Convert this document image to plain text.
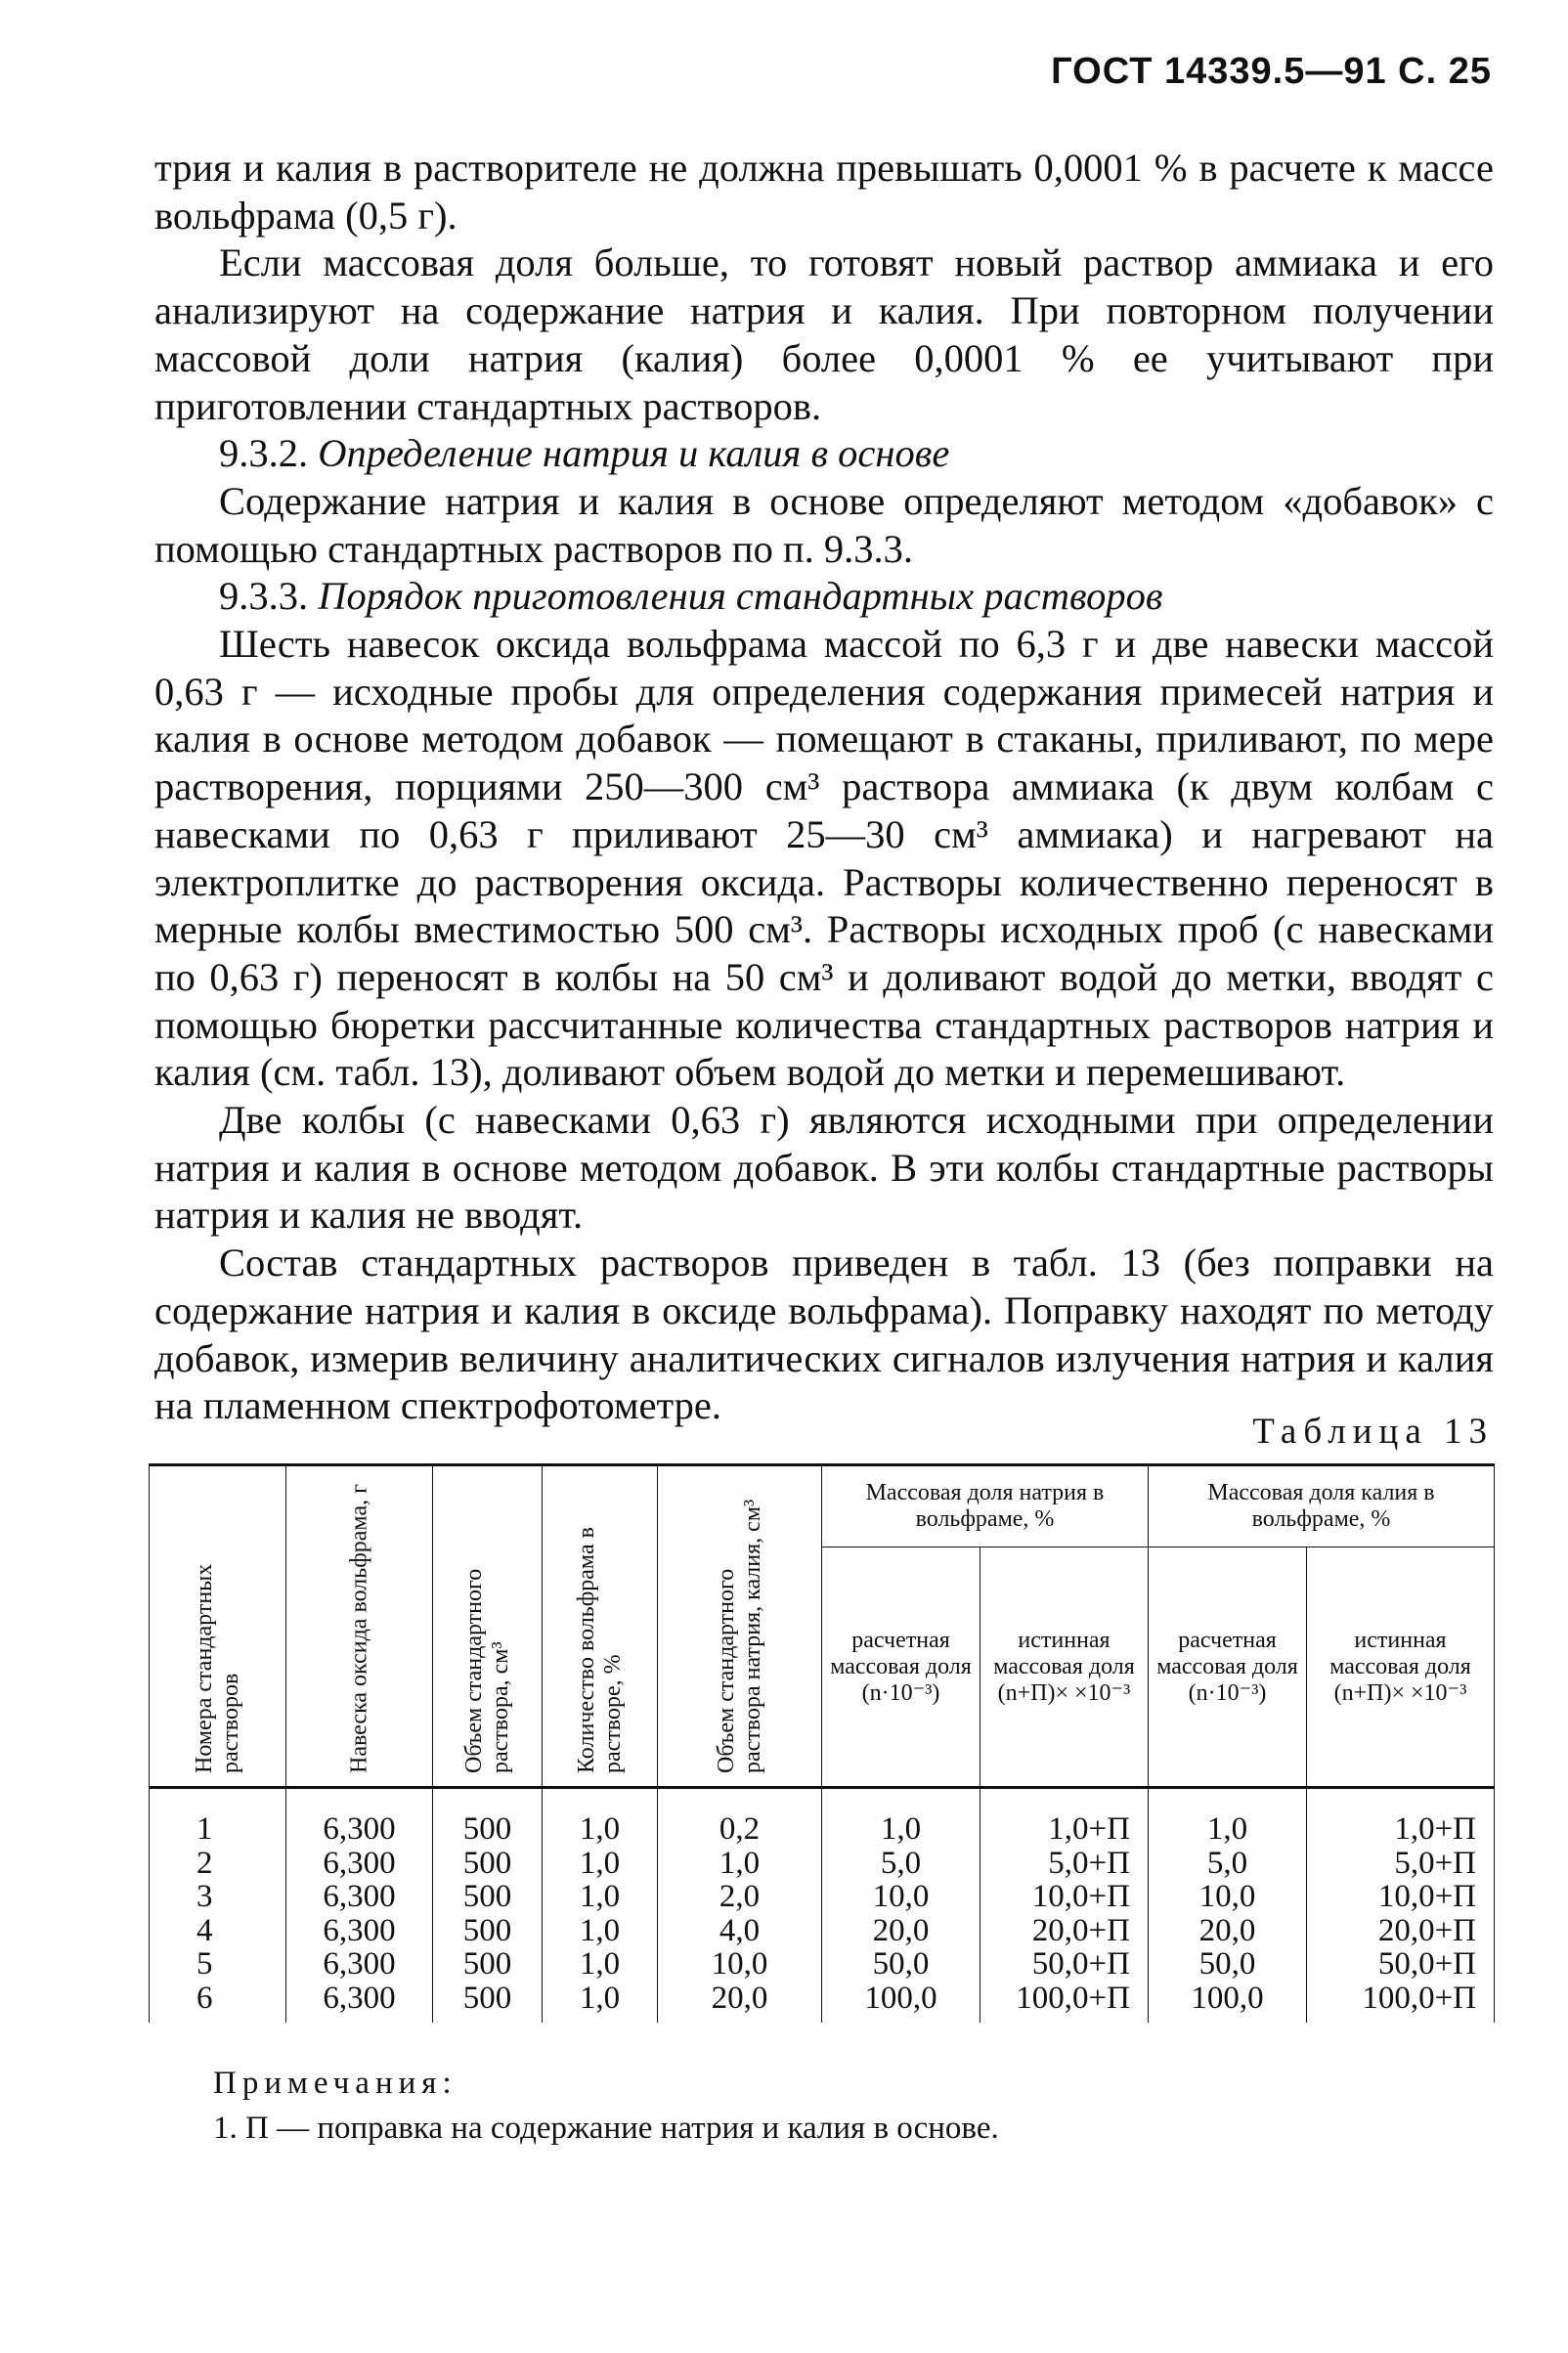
ГОСТ 14339.5—91 С. 25

трия и калия в растворителе не должна превышать 0,0001 % в расчете к массе вольфрама (0,5 г).

Если массовая доля больше, то готовят новый раствор аммиака и его анализируют на содержание натрия и калия. При повторном получении массовой доли натрия (калия) более 0,0001 % ее учитывают при приготовлении стандартных растворов.

9.3.2. Определение натрия и калия в основе

Содержание натрия и калия в основе определяют методом «добавок» с помощью стандартных растворов по п. 9.3.3.

9.3.3. Порядок приготовления стандартных растворов

Шесть навесок оксида вольфрама массой по 6,3 г и две навески массой 0,63 г — исходные пробы для определения содержания примесей натрия и калия в основе методом добавок — помещают в стаканы, приливают, по мере растворения, порциями 250—300 см³ раствора аммиака (к двум колбам с навесками по 0,63 г приливают 25—30 см³ аммиака) и нагревают на электроплитке до растворения оксида. Растворы количественно переносят в мерные колбы вместимостью 500 см³. Растворы исходных проб (с навесками по 0,63 г) переносят в колбы на 50 см³ и доливают водой до метки, вводят с помощью бюретки рассчитанные количества стандартных растворов натрия и калия (см. табл. 13), доливают объем водой до метки и перемешивают.

Две колбы (с навесками 0,63 г) являются исходными при определении натрия и калия в основе методом добавок. В эти колбы стандартные растворы натрия и калия не вводят.

Состав стандартных растворов приведен в табл. 13 (без поправки на содержание натрия и калия в оксиде вольфрама). Поправку находят по методу добавок, измерив величину аналитических сигналов излучения натрия и калия на пламенном спектрофотометре.

Таблица 13
Номера стандартных растворов	Навеска оксида вольфрама, г	Объем стандартного раствора, см³	Количество вольфрама в растворе, %	Объем стандартного раствора натрия, калия, см³	Массовая доля натрия в вольфраме, %		Массовая доля калия в вольфраме, %	
					расчетная массовая доля (n·10⁻³)	истинная массовая доля (n+П)× ×10⁻³	расчетная массовая доля (n·10⁻³)	истинная массовая доля (n+П)× ×10⁻³
1	6,300	500	1,0	0,2	1,0	1,0+П	1,0	1,0+П
2	6,300	500	1,0	1,0	5,0	5,0+П	5,0	5,0+П
3	6,300	500	1,0	2,0	10,0	10,0+П	10,0	10,0+П
4	6,300	500	1,0	4,0	20,0	20,0+П	20,0	20,0+П
5	6,300	500	1,0	10,0	50,0	50,0+П	50,0	50,0+П
6	6,300	500	1,0	20,0	100,0	100,0+П	100,0	100,0+П
Примечания:
1. П — поправка на содержание натрия и калия в основе.
